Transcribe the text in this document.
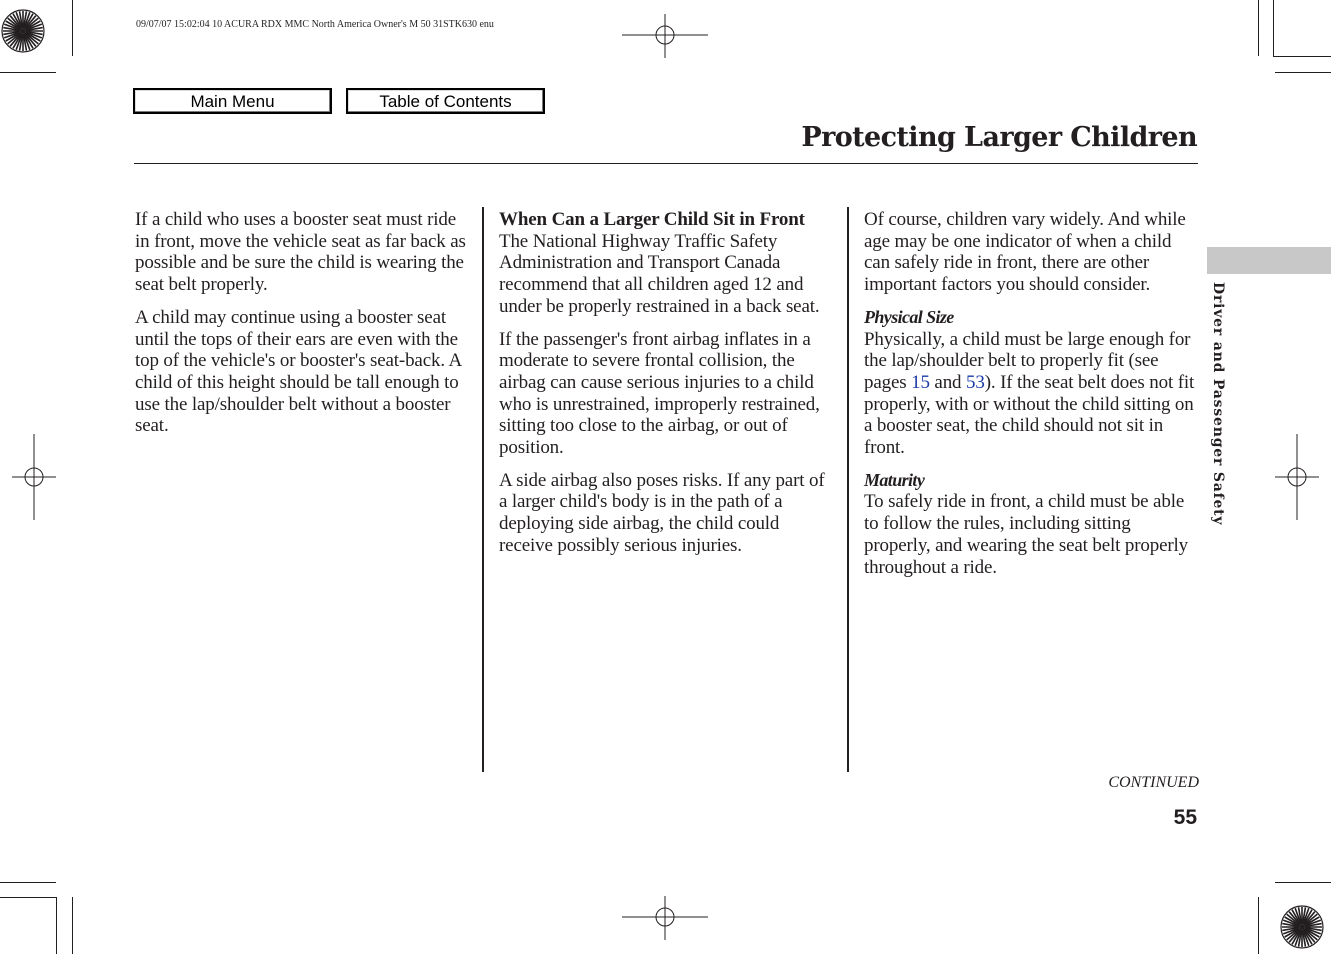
09/07/07 15:02:04 10 ACURA RDX MMC North America Owner's M 50 31STK630 enu
Main Menu	Table of Contents
Protecting Larger Children

If a child who uses a booster seat must ride in front, move the vehicle seat as far back as possible and be sure the child is wearing the seat belt properly.

A child may continue using a booster seat until the tops of their ears are even with the top of the vehicle's or booster's seat-back. A child of this height should be tall enough to use the lap/shoulder belt without a booster seat.

When Can a Larger Child Sit in Front

The National Highway Traffic Safety Administration and Transport Canada recommend that all children aged 12 and under be properly restrained in a back seat.

If the passenger's front airbag inflates in a moderate to severe frontal collision, the airbag can cause serious injuries to a child who is unrestrained, improperly restrained, sitting too close to the airbag, or out of position.

A side airbag also poses risks. If any part of a larger child's body is in the path of a deploying side airbag, the child could receive possibly serious injuries.

Of course, children vary widely. And while age may be one indicator of when a child can safely ride in front, there are other important factors you should consider.

Physical Size

Physically, a child must be large enough for the lap/shoulder belt to properly fit (see pages 15 and 53). If the seat belt does not fit properly, with or without the child sitting on a booster seat, the child should not sit in front.

Maturity

To safely ride in front, a child must be able to follow the rules, including sitting properly, and wearing the seat belt properly throughout a ride.

Driver and Passenger Safety
CONTINUED
55
